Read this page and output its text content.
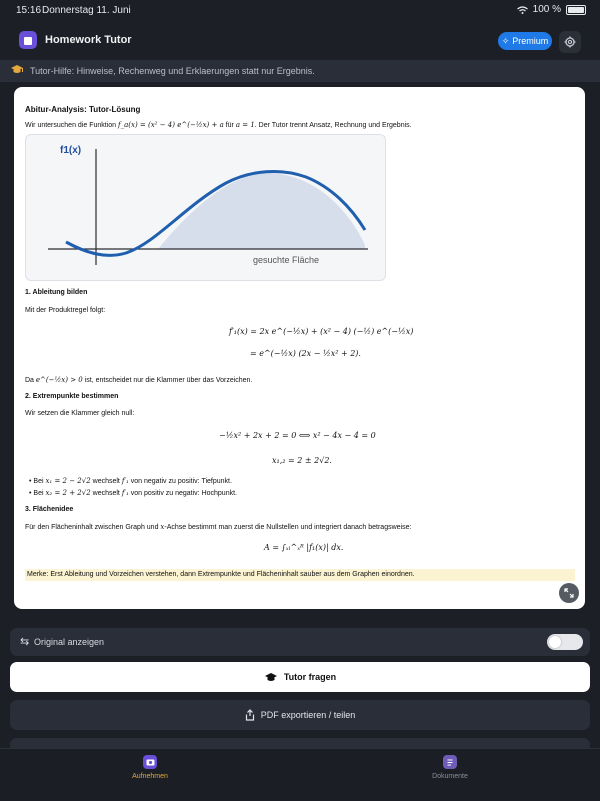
15:16 Donnerstag 11. Juni	100 %
Homework Tutor	✧ Premium
Tutor-Hilfe: Hinweise, Rechenweg und Erklaerungen statt nur Ergebnis.
Abitur-Analysis: Tutor-Lösung
Wir untersuchen die Funktion f_a(x) = (x² − 4) e^(−½x) + a für a = 1. Der Tutor trennt Ansatz, Rechnung und Ergebnis.
f1(x)
gesuchte Fläche
1. Ableitung bilden
Mit der Produktregel folgt:
f′₁(x) = 2x e^(−½x) + (x² − 4) (−½) e^(−½x)
= e^(−½x) (2x − ½x² + 2).
Da e^(−½x) > 0 ist, entscheidet nur die Klammer über das Vorzeichen.
2. Extrempunkte bestimmen
Wir setzen die Klammer gleich null:
−½x² + 2x + 2 = 0 ⟺ x² − 4x − 4 = 0
x₁,₂ = 2 ± 2√2.
• Bei x₁ = 2 − 2√2 wechselt f′₁ von negativ zu positiv: Tiefpunkt.
• Bei x₂ = 2 + 2√2 wechselt f′₁ von positiv zu negativ: Hochpunkt.
3. Flächenidee
Für den Flächeninhalt zwischen Graph und x-Achse bestimmt man zuerst die Nullstellen und integriert danach betragsweise:
A = ∫ₓₗ^ₓᴿ |f₁(x)| dx.
Merke: Erst Ableitung und Vorzeichen verstehen, dann Extrempunkte und Flächeninhalt sauber aus dem Graphen einordnen.
⇆ Original anzeigen
Tutor fragen
PDF exportieren / teilen
Aufnehmen	Dokumente
